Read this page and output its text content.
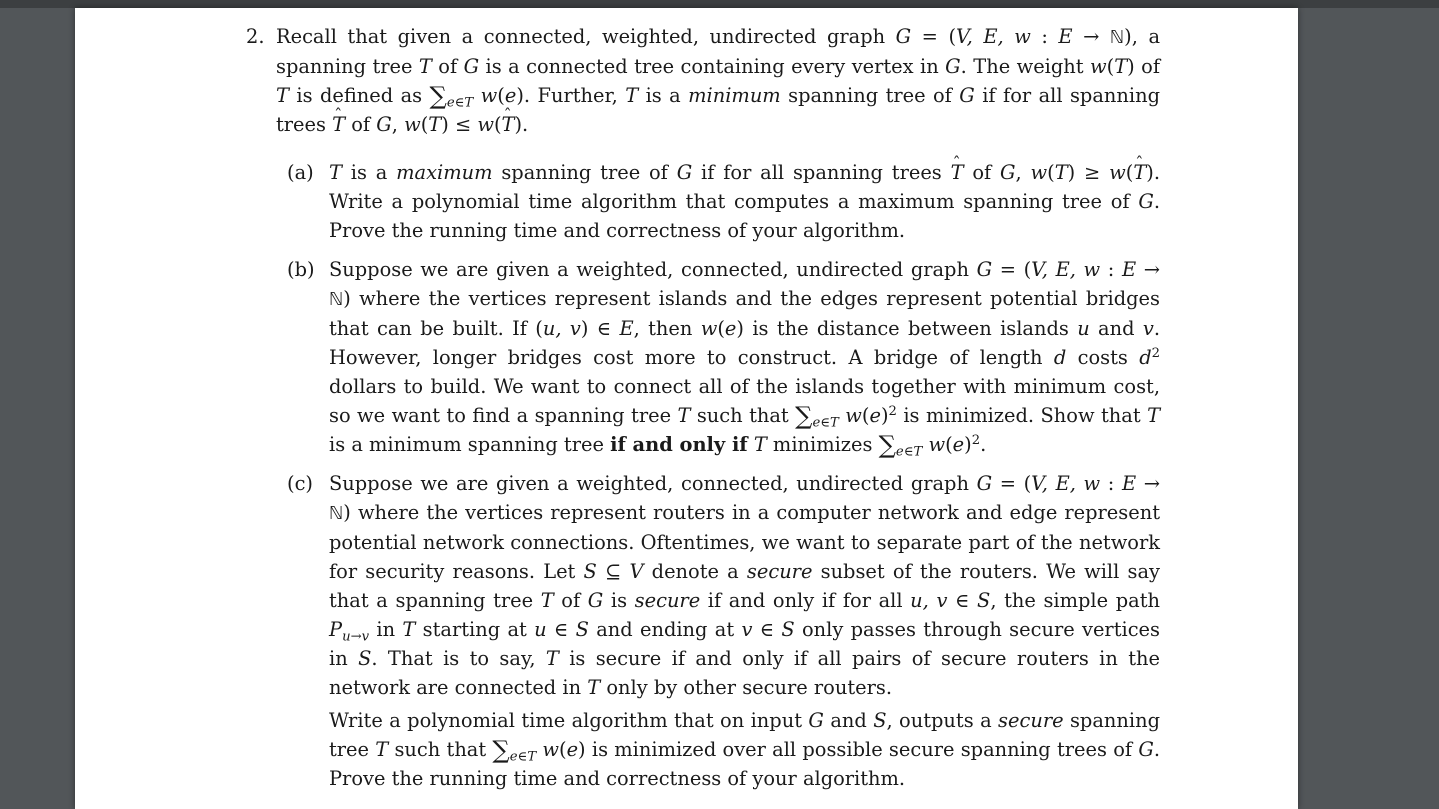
2. Recall that given a connected, weighted, undirected graph G = (V, E, w : E → ℕ), a spanning tree T of G is a connected tree containing every vertex in G. The weight w(T) of T is defined as $\sum_{e\in T}$ w(e). Further, T is a minimum spanning tree of G if for all spanning trees ˆ T of G, w(T) ≤ w(ˆ T).
(a) T is a maximum spanning tree of G if for all spanning trees ˆ T of G, w(T) ≥ w(ˆ T). Write a polynomial time algorithm that computes a maximum spanning tree of G. Prove the running time and correctness of your algorithm.
(b) Suppose we are given a weighted, connected, undirected graph G = (V, E, w : E → ℕ) where the vertices represent islands and the edges represent potential bridges that can be built. If (u, v) ∈ E, then w(e) is the distance between islands u and v. However, longer bridges cost more to construct. A bridge of length d costs $d^2$ dollars to build. We want to connect all of the islands together with minimum cost, so we want to find a spanning tree T such that $\sum_{e\in T}$ $w(e)^2$ is minimized. Show that T is a minimum spanning tree if and only if T minimizes $\sum_{e\in T}$ $w(e)^2$.
(c) Suppose we are given a weighted, connected, undirected graph G = (V, E, w : E → ℕ) where the vertices represent routers in a computer network and edge represent potential network connections. Oftentimes, we want to separate part of the network for security reasons. Let S ⊆ V denote a secure subset of the routers. We will say that a spanning tree T of G is secure if and only if for all u, v ∈ S, the simple path $P_{u\to v}$ in T starting at u ∈ S and ending at v ∈ S only passes through secure vertices in S. That is to say, T is secure if and only if all pairs of secure routers in the network are connected in T only by other secure routers.
Write a polynomial time algorithm that on input G and S, outputs a secure spanning tree T such that $\sum_{e\in T}$ w(e) is minimized over all possible secure spanning trees of G. Prove the running time and correctness of your algorithm.
